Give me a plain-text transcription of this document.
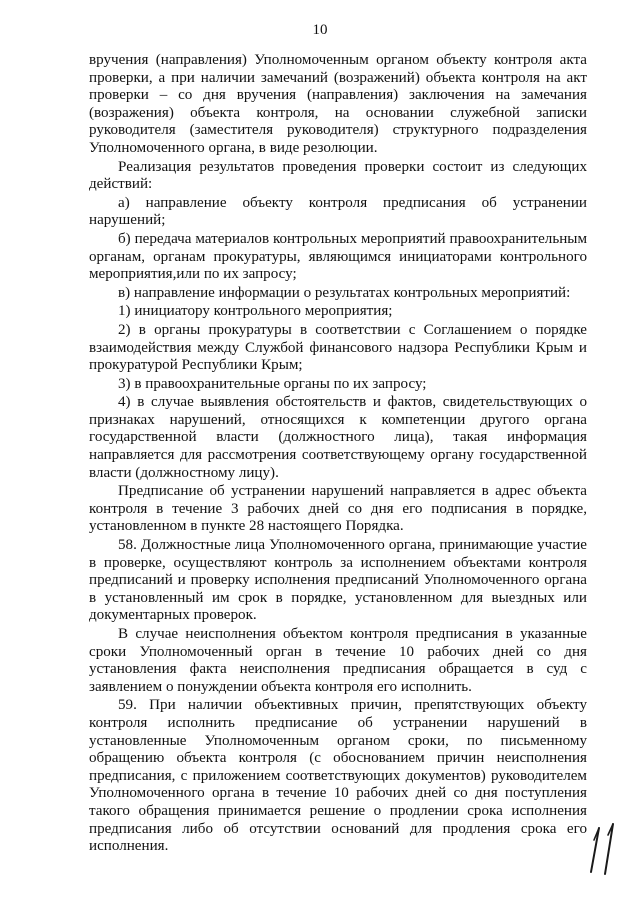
10

вручения (направления) Уполномоченным органом объекту контроля акта проверки, а при наличии замечаний (возражений) объекта контроля на акт проверки – со дня вручения (направления) заключения на замечания (возражения) объекта контроля, на основании служебной записки руководителя (заместителя руководителя) структурного подразделения Уполномоченного органа, в виде резолюции.

Реализация результатов проведения проверки состоит из следующих действий:

а) направление объекту контроля предписания об устранении нарушений;

б) передача материалов контрольных мероприятий правоохранительным органам, органам прокуратуры, являющимся инициаторами контрольного мероприятия,или по их запросу;

в) направление информации о результатах контрольных мероприятий:

1) инициатору контрольного мероприятия;

2) в органы прокуратуры в соответствии с Соглашением о порядке взаимодействия между Службой финансового надзора Республики Крым и прокуратурой Республики Крым;

3) в правоохранительные органы по их запросу;

4) в случае выявления обстоятельств и фактов, свидетельствующих о признаках нарушений, относящихся к компетенции другого органа государственной власти (должностного лица), такая информация направляется для рассмотрения соответствующему органу государственной власти (должностному лицу).

Предписание об устранении нарушений направляется в адрес объекта контроля в течение 3 рабочих дней со дня его подписания в порядке, установленном в пункте 28 настоящего Порядка.

58. Должностные лица Уполномоченного органа, принимающие участие в проверке, осуществляют контроль за исполнением объектами контроля предписаний и проверку исполнения предписаний Уполномоченного органа в установленный им срок в порядке, установленном для выездных или документарных проверок.

В случае неисполнения объектом контроля предписания в указанные сроки Уполномоченный орган в течение 10 рабочих дней со дня установления факта неисполнения предписания обращается в суд с заявлением о понуждении объекта контроля его исполнить.

59. При наличии объективных причин, препятствующих объекту контроля исполнить предписание об устранении нарушений в установленные Уполномоченным органом сроки, по письменному обращению объекта контроля (с обоснованием причин неисполнения предписания, с приложением соответствующих документов) руководителем Уполномоченного органа в течение 10 рабочих дней со дня поступления такого обращения принимается решение о продлении срока исполнения предписания либо об отсутствии оснований для продления срока его исполнения.
